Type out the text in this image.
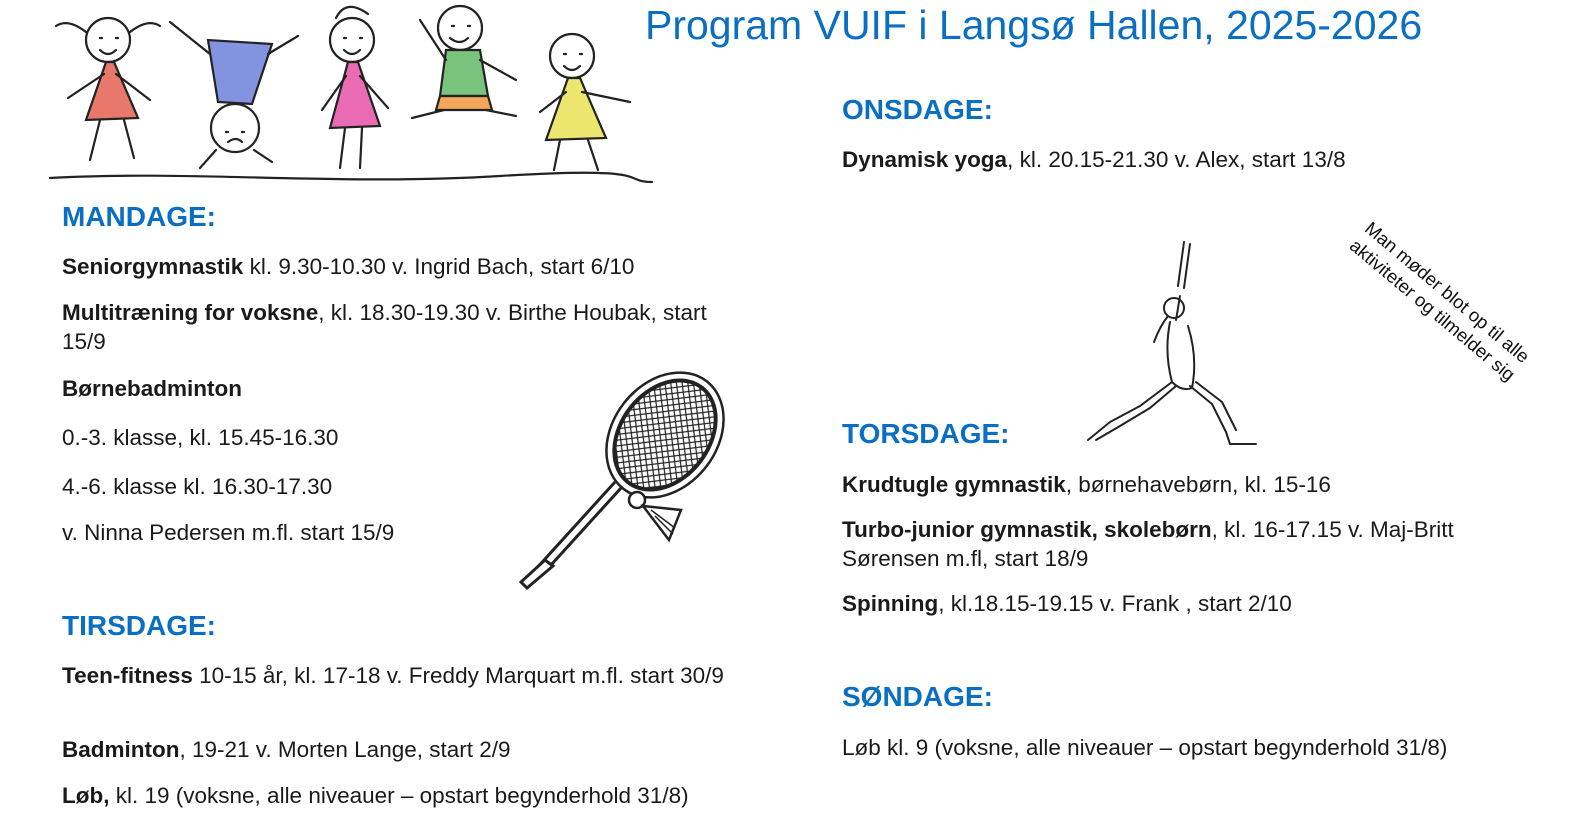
Program VUIF i Langsø Hallen, 2025-2026
MANDAGE:
Seniorgymnastik kl. 9.30-10.30 v. Ingrid Bach, start 6/10
Multitræning for voksne, kl. 18.30-19.30 v. Birthe Houbak, start 15/9
Børnebadminton
0.-3. klasse, kl. 15.45-16.30
4.-6. klasse kl. 16.30-17.30
v. Ninna Pedersen m.fl. start 15/9
TIRSDAGE:
Teen-fitness 10-15 år, kl. 17-18 v. Freddy Marquart m.fl. start 30/9
Badminton, 19-21 v. Morten Lange, start 2/9
Løb, kl. 19 (voksne, alle niveauer – opstart begynderhold 31/8)
ONSDAGE:
Dynamisk yoga, kl. 20.15-21.30 v. Alex, start 13/8
Man møder blot op til alle aktiviteter og tilmelder sig
TORSDAGE:
Krudtugle gymnastik, børnehavebørn, kl. 15-16
Turbo-junior gymnastik, skolebørn, kl. 16-17.15 v. Maj-Britt Sørensen m.fl, start 18/9
Spinning, kl.18.15-19.15 v. Frank , start 2/10
SØNDAGE:
Løb kl. 9 (voksne, alle niveauer – opstart begynderhold 31/8)
